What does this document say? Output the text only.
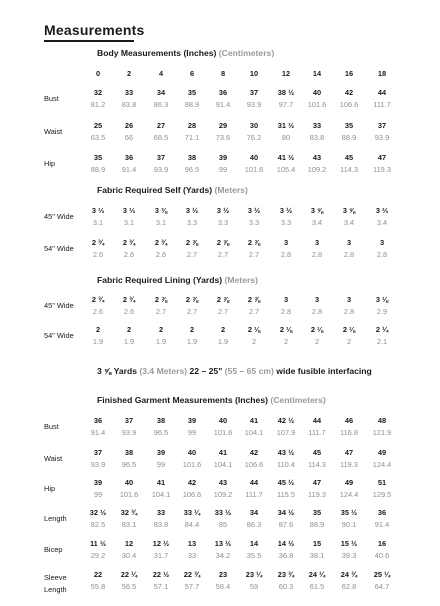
Measurements
Body Measurements (Inches) (Centimeters)
0	2	4	6	8	10	12	14	16	18
Bust
32	33	34	35	36	37	38 ½	40	42	44
81.2	83.8	86.3	88.9	91.4	93.9	97.7	101.6	106.6	111.7
Waist
25	26	27	28	29	30	31 ½	33	35	37
63.5	66	68.5	71.1	73.6	76.2	80	83.8	88.9	93.9
Hip
35	36	37	38	39	40	41 ½	43	45	47
88.9	91.4	93.9	96.5	99	101.6	105.4	109.2	114.3	119.3
Fabric Required Self (Yards) (Meters)
45" Wide
3 ⅓	3 ⅓	3 ⅜	3 ½	3 ½	3 ½	3 ½	3 ⅝	3 ⅝	3 ⅔
3.1	3.1	3.1	3.3	3.3	3.3	3.3	3.4	3.4	3.4
54" Wide
2 ¾	2 ¾	2 ¾	2 ⅞	2 ⅞	2 ⅞	3	3	3	3
2.6	2.6	2.6	2.7	2.7	2.7	2.8	2.8	2.8	2.8
Fabric Required Lining (Yards) (Meters)
45" Wide
2 ¾	2 ¾	2 ⅞	2 ⅞	2 ⅞	2 ⅞	3	3	3	3 ⅛
2.6	2.6	2.7	2.7	2.7	2.7	2.8	2.8	2.8	2.9
54" Wide
2	2	2	2	2	2 ⅛	2 ⅛	2 ⅛	2 ⅛	2 ¼
1.9	1.9	1.9	1.9	1.9	2	2	2	2	2.1
3 ⅝ Yards (3.4 Meters) 22 – 25" (55 – 65 cm) wide fusible interfacing
Finished Garment Measurements (Inches) (Centimeters)
Bust
36	37	38	39	40	41	42 ½	44	46	48
91.4	93.9	96.5	99	101.6	104.1	107.9	111.7	116.8	121.9
Waist
37	38	39	40	41	42	43 ½	45	47	49
93.9	96.5	99	101.6	104.1	106.6	110.4	114.3	119.3	124.4
Hip
39	40	41	42	43	44	45 ½	47	49	51
99	101.6	104.1	106.6	109.2	111.7	115.5	119.3	124.4	129.5
Length
32 ½	32 ¾	33	33 ¼	33 ½	34	34 ½	35	35 ½	36
82.5	83.1	83.8	84.4	85	86.3	87.6	88.9	90.1	91.4
Bicep
11 ½	12	12 ½	13	13 ½	14	14 ½	15	15 ½	16
29.2	30.4	31.7	33	34.2	35.5	36.8	38.1	39.3	40.6
Sleeve Length
22	22 ¼	22 ½	22 ¾	23	23 ¼	23 ¾	24 ¼	24 ¾	25 ¼
55.8	56.5	57.1	57.7	58.4	59	60.3	61.5	62.8	64.7
